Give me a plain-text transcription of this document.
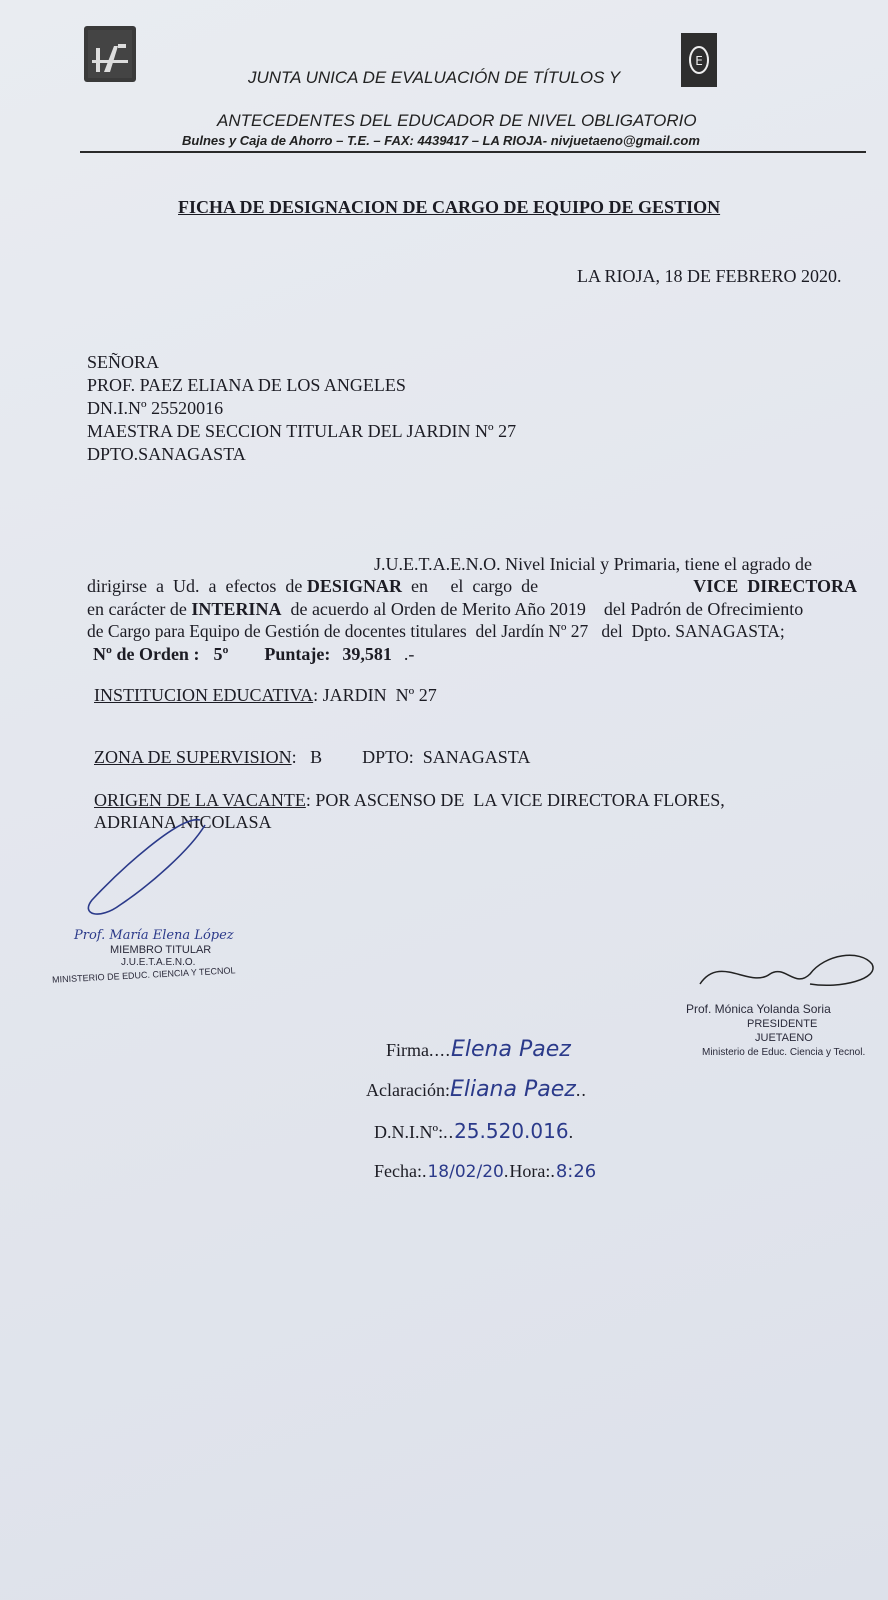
E
JUNTA UNICA DE EVALUACIÓN DE TÍTULOS Y
ANTECEDENTES DEL EDUCADOR DE NIVEL OBLIGATORIO
Bulnes y Caja de Ahorro – T.E. – FAX: 4439417 – LA RIOJA- nivjuetaeno@gmail.com
FICHA DE DESIGNACION DE CARGO DE EQUIPO DE GESTION
LA RIOJA, 18 DE FEBRERO 2020.
SEÑORA
PROF. PAEZ ELIANA DE LOS ANGELES
DN.I.Nº 25520016
MAESTRA DE SECCION TITULAR DEL JARDIN Nº 27
DPTO.SANAGASTA
J.U.E.T.A.E.N.O. Nivel Inicial y Primaria, tiene el agrado de
dirigirse  a  Ud.  a  efectos  de DESIGNAR  en     el  cargo  de	VICE  DIRECTORA
en carácter de INTERINA  de acuerdo al Orden de Merito Año 2019    del Padrón de Ofrecimiento
de Cargo para Equipo de Gestión de docentes titulares  del Jardín Nº 27   del  Dpto. SANAGASTA;
Nº de Orden : 5º Puntaje: 39,581 .-
INSTITUCION EDUCATIVA: JARDIN  Nº 27
ZONA DE SUPERVISION:   B DPTO:  SANAGASTA
ORIGEN DE LA VACANTE: POR ASCENSO DE  LA VICE DIRECTORA FLORES,
ADRIANA NICOLASA
Prof. María Elena López
MIEMBRO TITULAR
J.U.E.T.A.E.N.O.
MINISTERIO DE EDUC. CIENCIA Y TECNOL
Prof. Mónica Yolanda Soria
PRESIDENTE
JUETAENO
Ministerio de Educ. Ciencia y Tecnol.
Firma....Elena Paez
Aclaración:Eliana Paez..
D.N.I.Nº:..25.520.016.
Fecha:.18/02/20.Hora:.8:26
